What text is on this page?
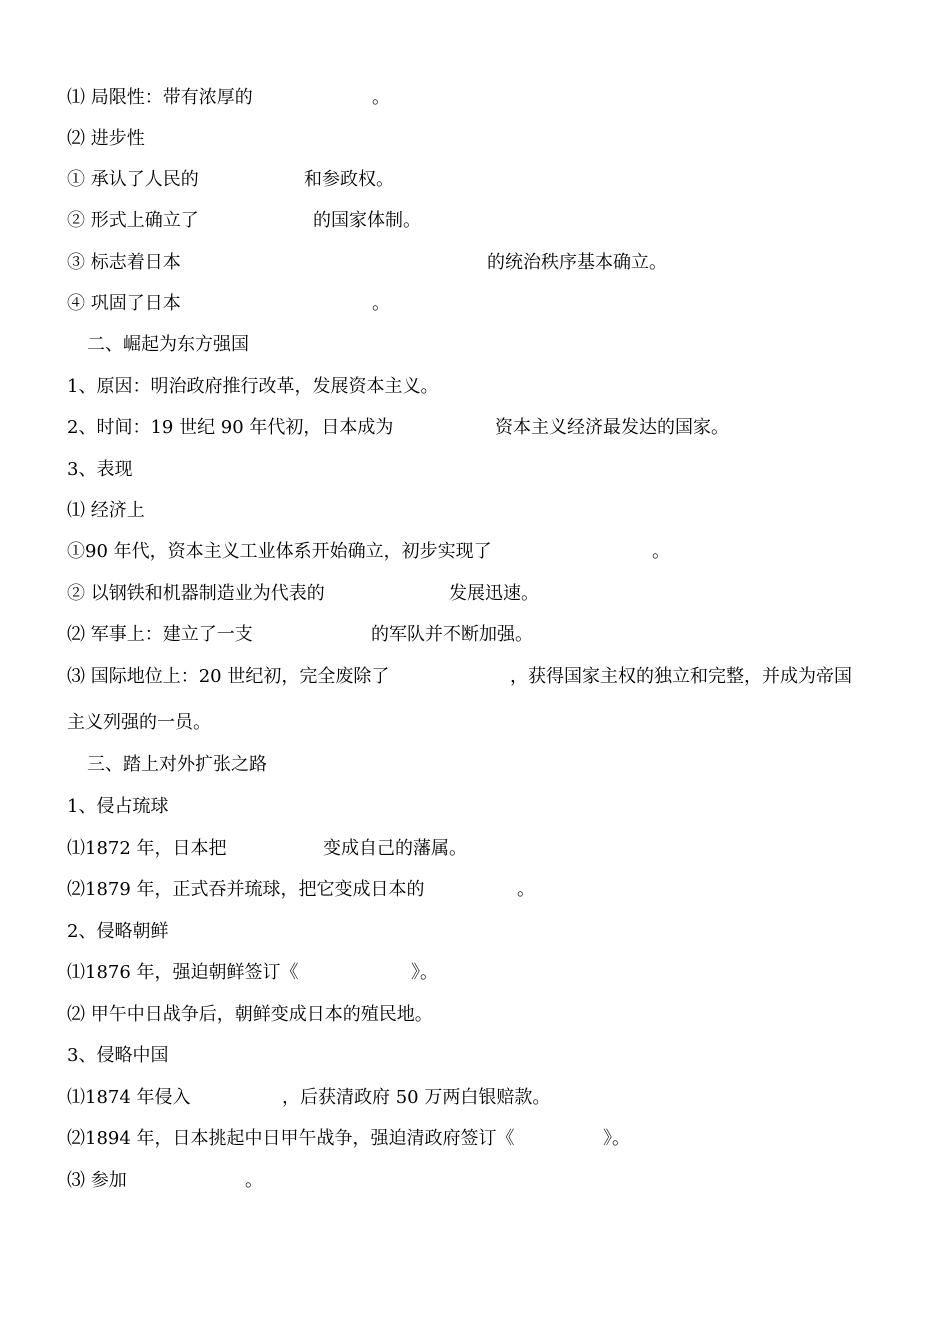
⑴ 局限性：带有浓厚的	。
⑵ 进步性
① 承认了人民的	和参政权。
② 形式上确立了	的国家体制。
③ 标志着日本	的统治秩序基本确立。
④ 巩固了日本	。
二、崛起为东方强国
1、原因：明治政府推行改革，发展资本主义。
2、时间：19 世纪 90 年代初，日本成为	资本主义经济最发达的国家。
3、表现
⑴ 经济上
①90 年代，资本主义工业体系开始确立，初步实现了	。
② 以钢铁和机器制造业为代表的	发展迅速。
⑵ 军事上：建立了一支	的军队并不断加强。
⑶ 国际地位上：20 世纪初，完全废除了	，获得国家主权的独立和完整，并成为帝国
主义列强的一员。
三、踏上对外扩张之路
1、侵占琉球
⑴1872 年，日本把	变成自己的藩属。
⑵1879 年，正式吞并琉球，把它变成日本的	。
2、侵略朝鲜
⑴1876 年，强迫朝鲜签订《	》。
⑵ 甲午中日战争后，朝鲜变成日本的殖民地。
3、侵略中国
⑴1874 年侵入	，后获清政府 50 万两白银赔款。
⑵1894 年，日本挑起中日甲午战争，强迫清政府签订《	》。
⑶ 参加	。
